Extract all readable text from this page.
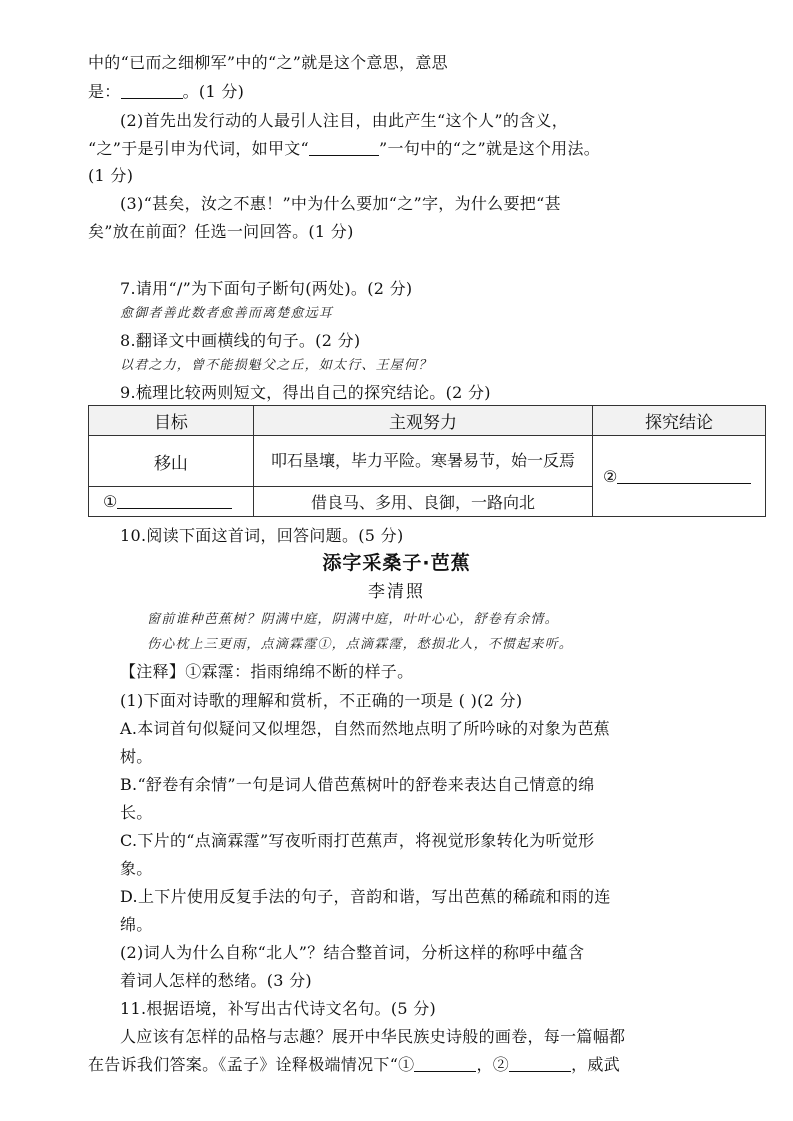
中的“已而之细柳军”中的“之”就是这个意思，意思
是：	。(1 分)
(2)首先出发行动的人最引人注目，由此产生“这个人”的含义，
“之”于是引申为代词，如甲文“	”一句中的“之”就是这个用法。
(1 分)
(3)“甚矣，汝之不惠！”中为什么要加“之”字，为什么要把“甚
矣”放在前面？任选一问回答。(1 分)
7.请用“/”为下面句子断句(两处)。(2 分)
愈御者善此数者愈善而离楚愈远耳
8.翻译文中画横线的句子。(2 分)
以君之力，曾不能损魁父之丘，如太行、王屋何？
9.梳理比较两则短文，得出自己的探究结论。(2 分)
目标	主观努力	探究结论
移山	叩石垦壤，毕力平险。寒暑易节，始一反焉	②
①	借良马、多用、良御，一路向北	
10.阅读下面这首词，回答问题。(5 分)
添字采桑子·芭蕉
李清照
窗前谁种芭蕉树？阴满中庭，阴满中庭，叶叶心心，舒卷有余情。
伤心枕上三更雨，点滴霖霪①，点滴霖霪，愁损北人，不惯起来听。
【注释】①霖霪：指雨绵绵不断的样子。
(1)下面对诗歌的理解和赏析，不正确的一项是 ( )(2 分)
A.本词首句似疑问又似埋怨，自然而然地点明了所吟咏的对象为芭蕉
树。
B.“舒卷有余情”一句是词人借芭蕉树叶的舒卷来表达自己情意的绵
长。
C.下片的“点滴霖霪”写夜听雨打芭蕉声，将视觉形象转化为听觉形
象。
D.上下片使用反复手法的句子，音韵和谐，写出芭蕉的稀疏和雨的连
绵。
(2)词人为什么自称“北人”？结合整首词，分析这样的称呼中蕴含
着词人怎样的愁绪。(3 分)
11.根据语境，补写出古代诗文名句。(5 分)
人应该有怎样的品格与志趣？展开中华民族史诗般的画卷，每一篇幅都
在告诉我们答案。《孟子》诠释极端情况下“①	，②	，威武
